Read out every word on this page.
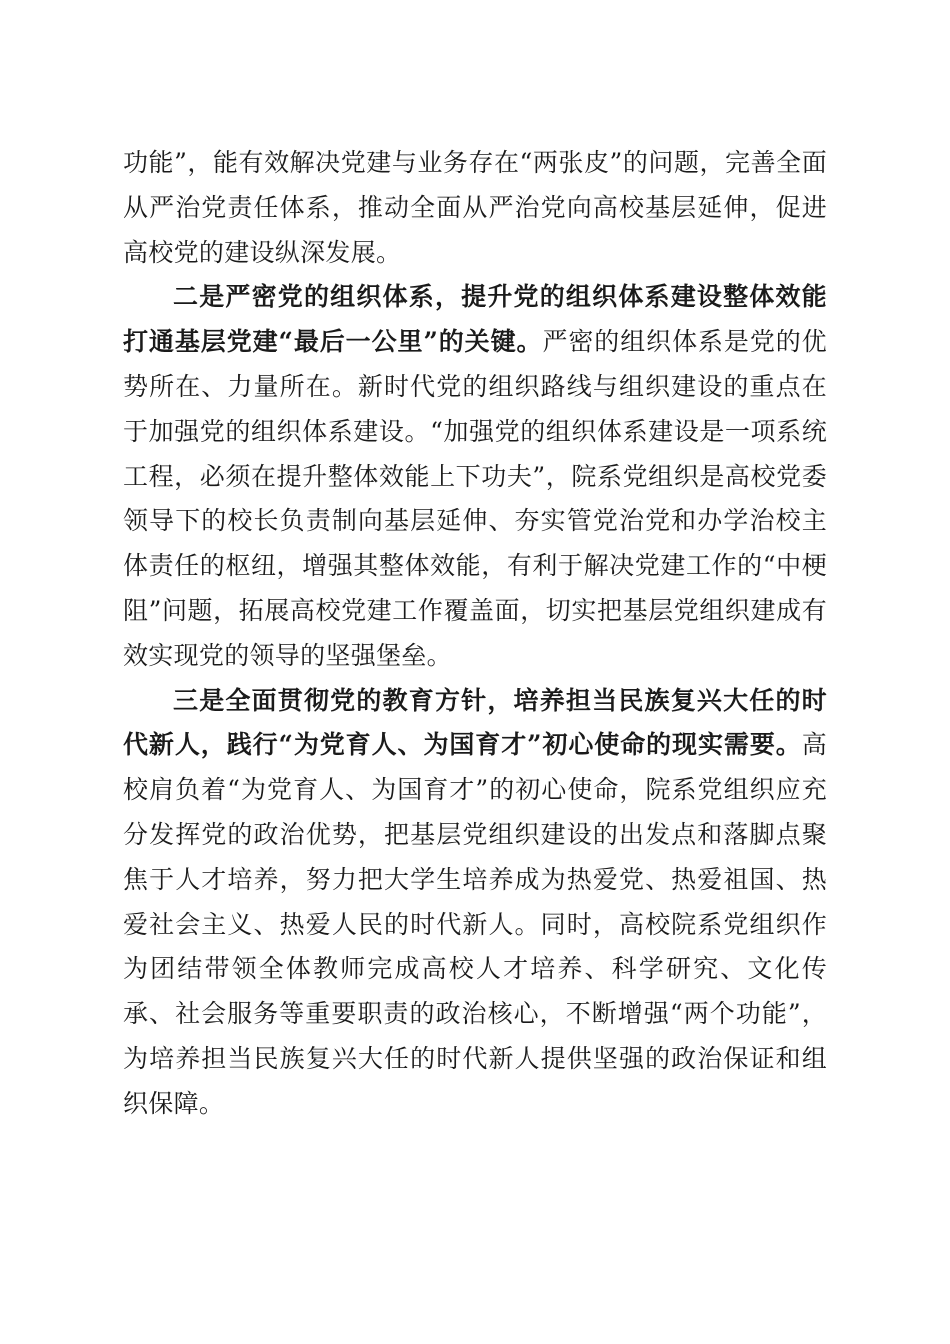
功能”，能有效解决党建与业务存在“两张皮”的问题，完善全面从严治党责任体系，推动全面从严治党向高校基层延伸，促进高校党的建设纵深发展。

二是严密党的组织体系，提升党的组织体系建设整体效能打通基层党建“最后一公里”的关键。严密的组织体系是党的优势所在、力量所在。新时代党的组织路线与组织建设的重点在于加强党的组织体系建设。“加强党的组织体系建设是一项系统工程，必须在提升整体效能上下功夫”，院系党组织是高校党委领导下的校长负责制向基层延伸、夯实管党治党和办学治校主体责任的枢纽，增强其整体效能，有利于解决党建工作的“中梗阻”问题，拓展高校党建工作覆盖面，切实把基层党组织建成有效实现党的领导的坚强堡垒。

三是全面贯彻党的教育方针，培养担当民族复兴大任的时代新人，践行“为党育人、为国育才”初心使命的现实需要。高校肩负着“为党育人、为国育才”的初心使命，院系党组织应充分发挥党的政治优势，把基层党组织建设的出发点和落脚点聚焦于人才培养，努力把大学生培养成为热爱党、热爱祖国、热爱社会主义、热爱人民的时代新人。同时，高校院系党组织作为团结带领全体教师完成高校人才培养、科学研究、文化传承、社会服务等重要职责的政治核心，不断增强“两个功能”，为培养担当民族复兴大任的时代新人提供坚强的政治保证和组织保障。
